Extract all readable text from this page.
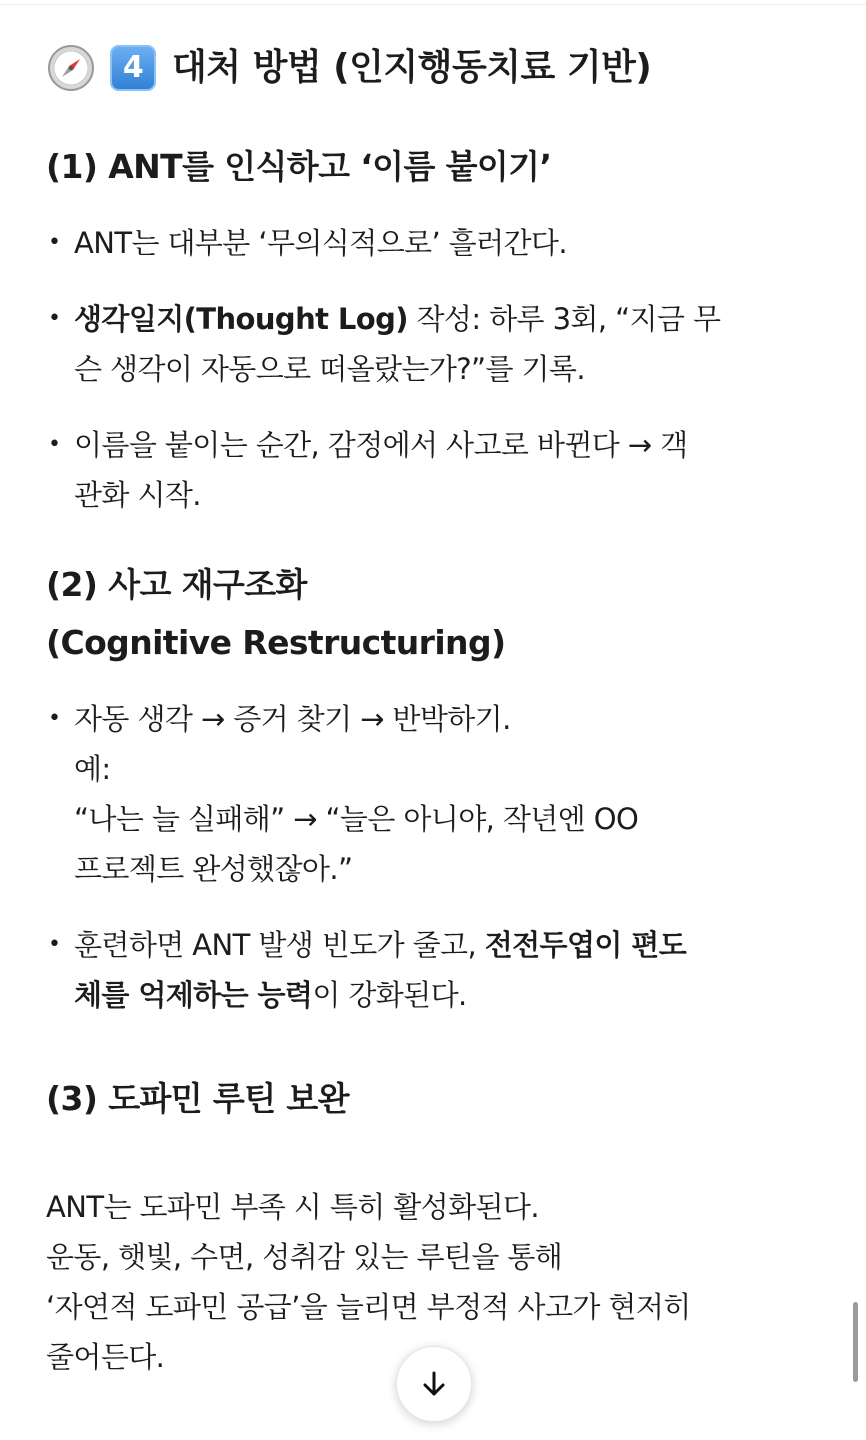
4 대처 방법 (인지행동치료 기반)
(1) ANT를 인식하고 ‘이름 붙이기’
• ANT는 대부분 ‘무의식적으로’ 흘러간다.
• 생각일지(Thought Log) 작성: 하루 3회, “지금 무
슨 생각이 자동으로 떠올랐는가?”를 기록.
• 이름을 붙이는 순간, 감정에서 사고로 바뀐다 → 객
관화 시작.
(2) 사고 재구조화
(Cognitive Restructuring)
• 자동 생각 → 증거 찾기 → 반박하기.
예:
“나는 늘 실패해” → “늘은 아니야, 작년엔 OO
프로젝트 완성했잖아.”
• 훈련하면 ANT 발생 빈도가 줄고, 전전두엽이 편도
체를 억제하는 능력이 강화된다.
(3) 도파민 루틴 보완

ANT는 도파민 부족 시 특히 활성화된다.
운동, 햇빛, 수면, 성취감 있는 루틴을 통해
‘자연적 도파민 공급’을 늘리면 부정적 사고가 현저히
줄어든다.
